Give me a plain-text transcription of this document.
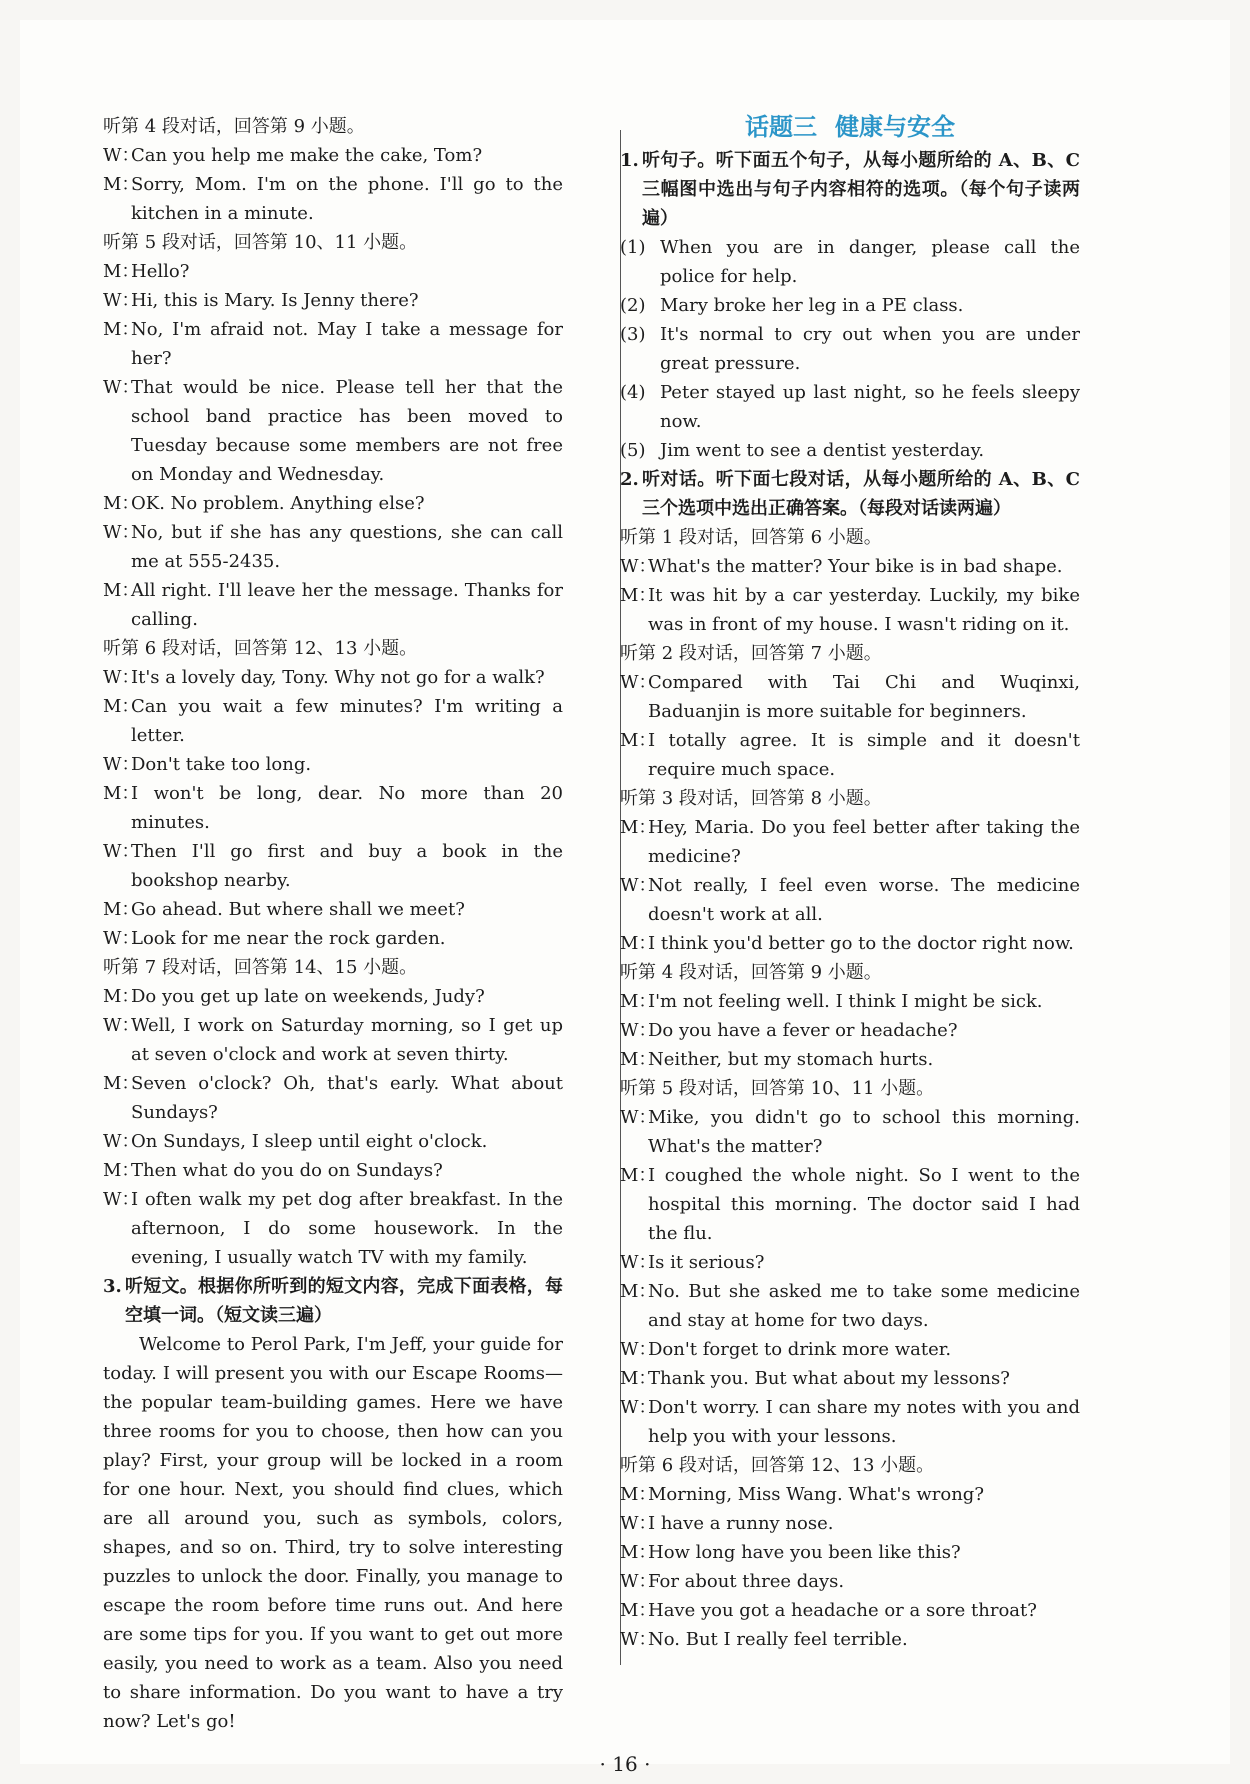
听第 4 段对话，回答第 9 小题。
W：
Can you help me make the cake, Tom?
M：
Sorry, Mom. I'm on the phone. I'll go to the kitchen in a minute.
听第 5 段对话，回答第 10、11 小题。
M：
Hello?
W：
Hi, this is Mary. Is Jenny there?
M：
No, I'm afraid not. May I take a message for her?
W：
That would be nice. Please tell her that the school band practice has been moved to Tuesday because some members are not free on Monday and Wednesday.
M：
OK. No problem. Anything else?
W：
No, but if she has any questions, she can call me at 555-2435.
M：
All right. I'll leave her the message. Thanks for calling.
听第 6 段对话，回答第 12、13 小题。
W：
It's a lovely day, Tony. Why not go for a walk?
M：
Can you wait a few minutes? I'm writing a letter.
W：
Don't take too long.
M：
I won't be long, dear. No more than 20 minutes.
W：
Then I'll go first and buy a book in the bookshop nearby.
M：
Go ahead. But where shall we meet?
W：
Look for me near the rock garden.
听第 7 段对话，回答第 14、15 小题。
M：
Do you get up late on weekends, Judy?
W：
Well, I work on Saturday morning, so I get up at seven o'clock and work at seven thirty.
M：
Seven o'clock? Oh, that's early. What about Sundays?
W：
On Sundays, I sleep until eight o'clock.
M：
Then what do you do on Sundays?
W：
I often walk my pet dog after breakfast. In the afternoon, I do some housework. In the evening, I usually watch TV with my family.
3. 听短文。根据你所听到的短文内容，完成下面表格，每空填一词。（短文读三遍）
Welcome to Perol Park, I'm Jeff, your guide for today. I will present you with our Escape Rooms—the popular team-building games. Here we have three rooms for you to choose, then how can you play? First, your group will be locked in a room for one hour. Next, you should find clues, which are all around you, such as symbols, colors, shapes, and so on. Third, try to solve interesting puzzles to unlock the door. Finally, you manage to escape the room before time runs out. And here are some tips for you. If you want to get out more easily, you need to work as a team. Also you need to share information. Do you want to have a try now? Let's go!
话题三 健康与安全
1. 听句子。听下面五个句子，从每小题所给的 A、B、C 三幅图中选出与句子内容相符的选项。（每个句子读两遍）
(1) When you are in danger, please call the police for help.
(2) Mary broke her leg in a PE class.
(3) It's normal to cry out when you are under great pressure.
(4) Peter stayed up last night, so he feels sleepy now.
(5) Jim went to see a dentist yesterday.
2. 听对话。听下面七段对话，从每小题所给的 A、B、C 三个选项中选出正确答案。（每段对话读两遍）
听第 1 段对话，回答第 6 小题。
W：
What's the matter? Your bike is in bad shape.
M：
It was hit by a car yesterday. Luckily, my bike was in front of my house. I wasn't riding on it.
听第 2 段对话，回答第 7 小题。
W：
Compared with Tai Chi and Wuqinxi, Baduanjin is more suitable for beginners.
M：
I totally agree. It is simple and it doesn't require much space.
听第 3 段对话，回答第 8 小题。
M：
Hey, Maria. Do you feel better after taking the medicine?
W：
Not really, I feel even worse. The medicine doesn't work at all.
M：
I think you'd better go to the doctor right now.
听第 4 段对话，回答第 9 小题。
M：
I'm not feeling well. I think I might be sick.
W：
Do you have a fever or headache?
M：
Neither, but my stomach hurts.
听第 5 段对话，回答第 10、11 小题。
W：
Mike, you didn't go to school this morning. What's the matter?
M：
I coughed the whole night. So I went to the hospital this morning. The doctor said I had the flu.
W：
Is it serious?
M：
No. But she asked me to take some medicine and stay at home for two days.
W：
Don't forget to drink more water.
M：
Thank you. But what about my lessons?
W：
Don't worry. I can share my notes with you and help you with your lessons.
听第 6 段对话，回答第 12、13 小题。
M：
Morning, Miss Wang. What's wrong?
W：
I have a runny nose.
M：
How long have you been like this?
W：
For about three days.
M：
Have you got a headache or a sore throat?
W：
No. But I really feel terrible.
· 16 ·
